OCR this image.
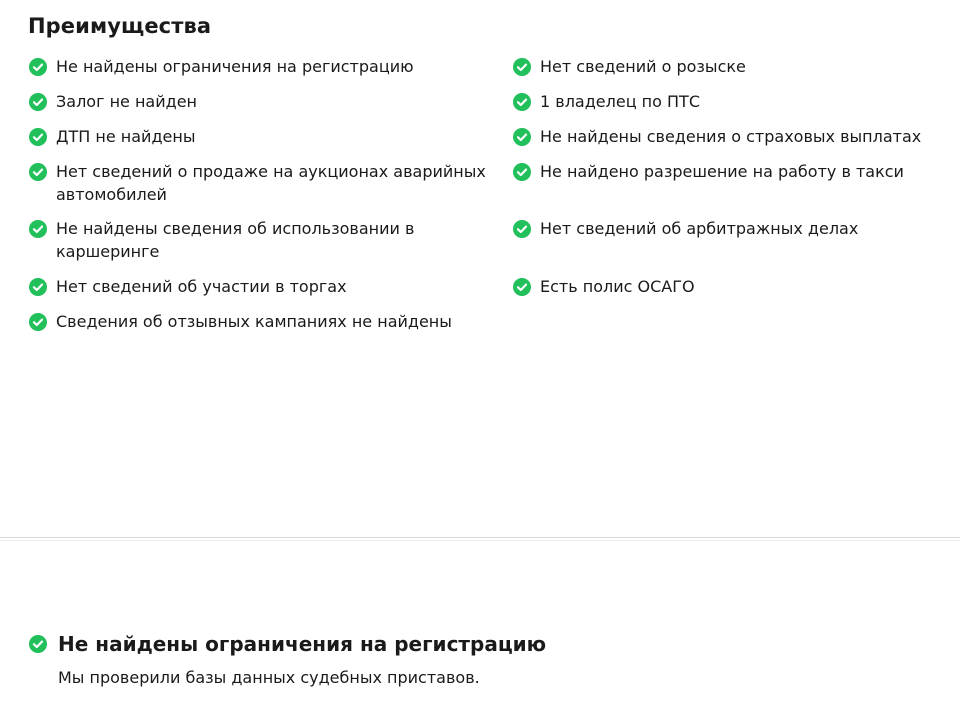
Преимущества
Не найдены ограничения на регистрацию
Залог не найден
ДТП не найдены
Нет сведений о продаже на аукционах аварийных автомобилей
Не найдены сведения об использовании в каршеринге
Нет сведений об участии в торгах
Сведения об отзывных кампаниях не найдены
Нет сведений о розыске
1 владелец по ПТС
Не найдены сведения о страховых выплатах
Не найдено разрешение на работу в такси
Нет сведений об арбитражных делах
Есть полис ОСАГО
Не найдены ограничения на регистрацию
Мы проверили базы данных судебных приставов.
